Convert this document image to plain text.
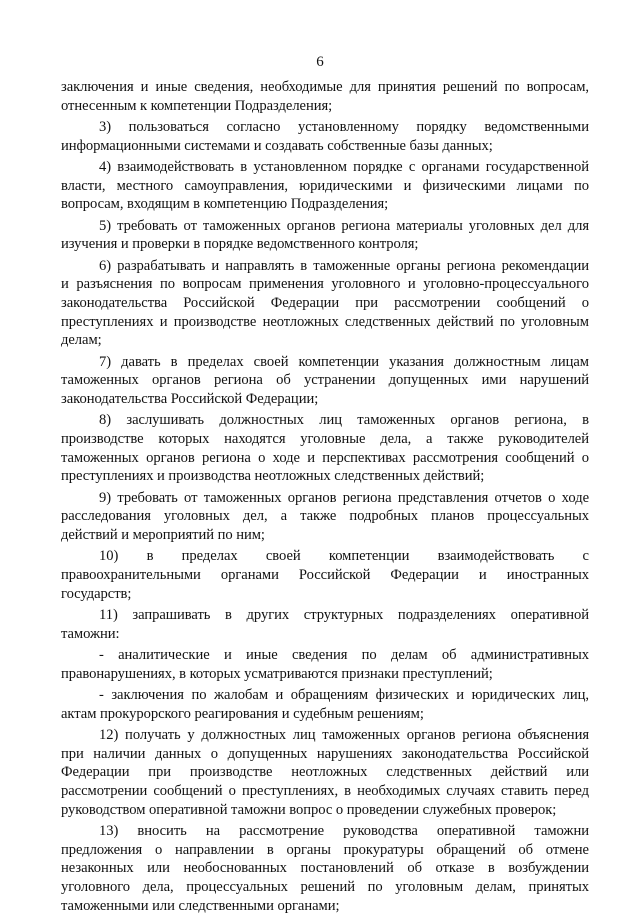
6
заключения и иные сведения, необходимые для принятия решений по вопросам,
отнесенным к компетенции Подразделения;
3) пользоваться согласно установленному порядку ведомственными
информационными системами и создавать собственные базы данных;
4) взаимодействовать в установленном порядке с органами государственной
власти, местного самоуправления, юридическими и физическими лицами по
вопросам, входящим в компетенцию Подразделения;
5) требовать от таможенных органов региона материалы уголовных дел для
изучения и проверки в порядке ведомственного контроля;
6) разрабатывать и направлять в таможенные органы региона рекомендации
и разъяснения по вопросам применения уголовного и уголовно-процессуального
законодательства Российской Федерации при рассмотрении сообщений о
преступлениях и производстве неотложных следственных действий по уголовным
делам;
7) давать в пределах своей компетенции указания должностным лицам
таможенных органов региона об устранении допущенных ими нарушений
законодательства Российской Федерации;
8) заслушивать должностных лиц таможенных органов региона, в
производстве которых находятся уголовные дела, а также руководителей
таможенных органов региона о ходе и перспективах рассмотрения сообщений о
преступлениях и производства неотложных следственных действий;
9) требовать от таможенных органов региона представления отчетов о ходе
расследования уголовных дел, а также подробных планов процессуальных
действий и мероприятий по ним;
10) в пределах своей компетенции взаимодействовать с
правоохранительными органами Российской Федерации и иностранных
государств;
11) запрашивать в других структурных подразделениях оперативной
таможни:
- аналитические и иные сведения по делам об административных
правонарушениях, в которых усматриваются признаки преступлений;
- заключения по жалобам и обращениям физических и юридических лиц,
актам прокурорского реагирования и судебным решениям;
12) получать у должностных лиц таможенных органов региона объяснения
при наличии данных о допущенных нарушениях законодательства Российской
Федерации при производстве неотложных следственных действий или
рассмотрении сообщений о преступлениях, в необходимых случаях ставить перед
руководством оперативной таможни вопрос о проведении служебных проверок;
13) вносить на рассмотрение руководства оперативной таможни
предложения о направлении в органы прокуратуры обращений об отмене
незаконных или необоснованных постановлений об отказе в возбуждении
уголовного дела, процессуальных решений по уголовным делам, принятых
таможенными или следственными органами;
